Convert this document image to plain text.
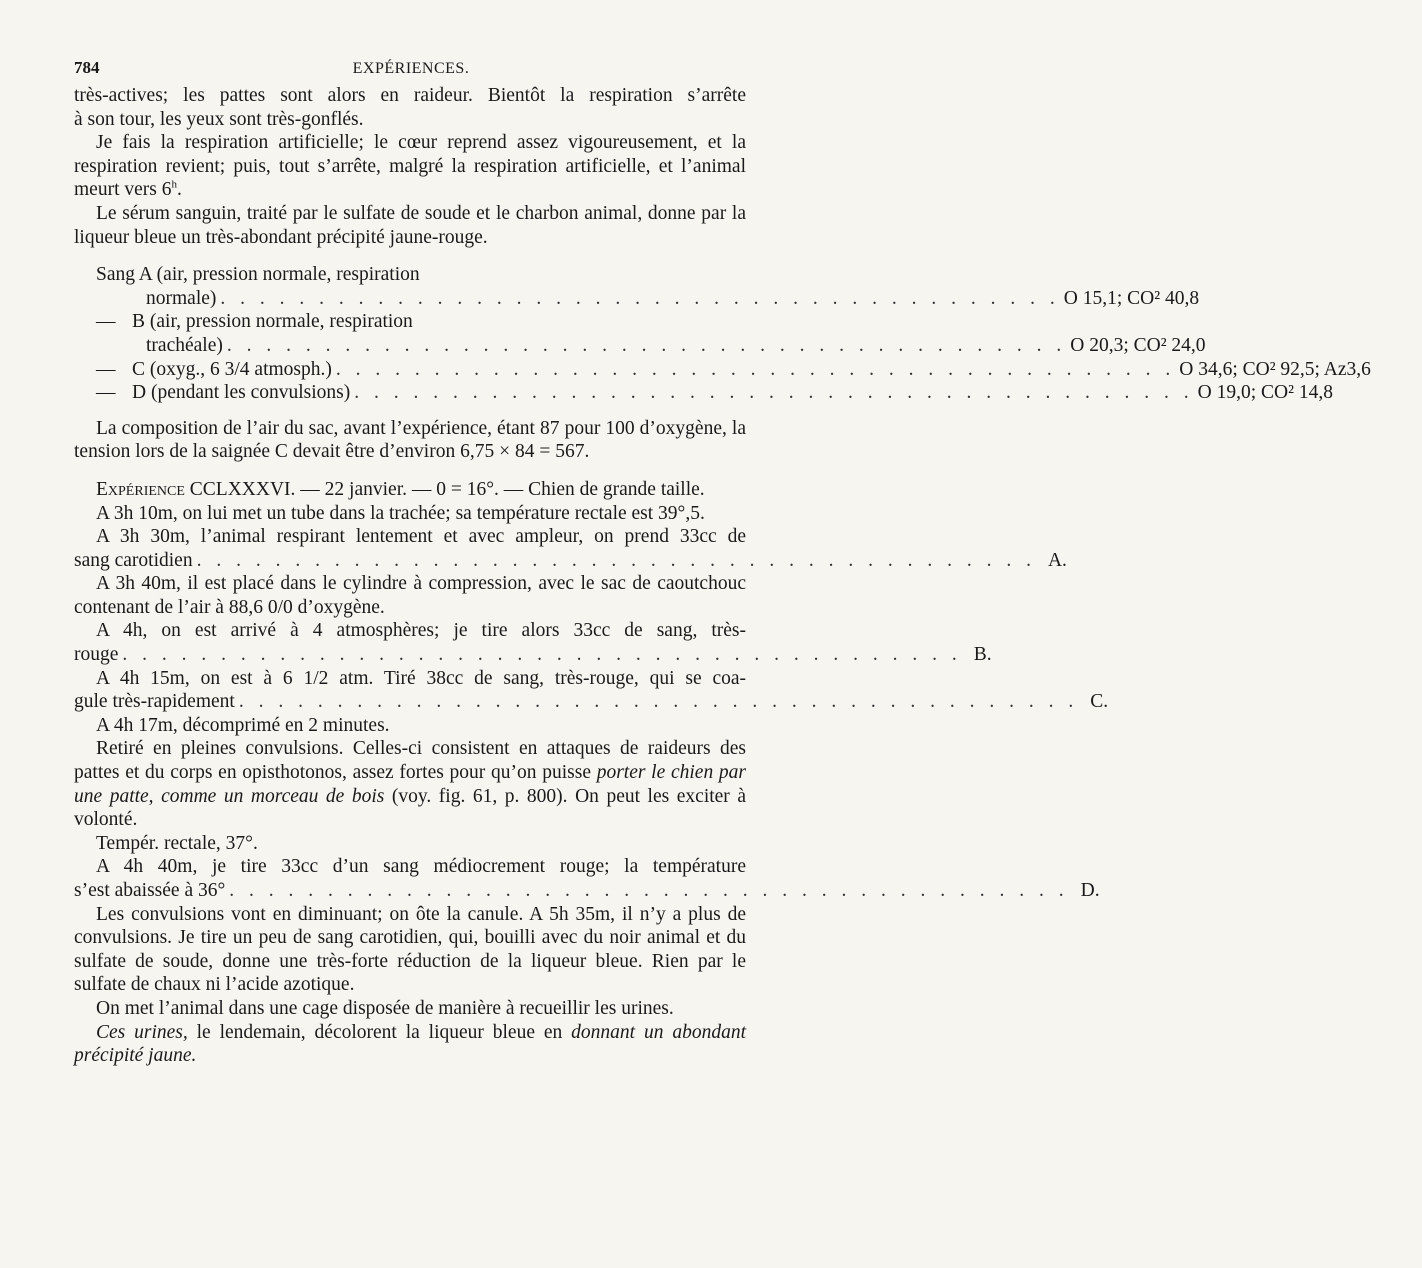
784	EXPÉRIENCES.

très-actives; les pattes sont alors en raideur. Bientôt la respiration s’arrête

à son tour, les yeux sont très-gonflés.

Je fais la respiration artificielle; le cœur reprend assez vigoureusement, et la respiration revient; puis, tout s’arrête, malgré la respiration artificielle, et l’animal meurt vers 6$^h$.

Le sérum sanguin, traité par le sulfate de soude et le charbon animal, donne par la liqueur bleue un très-abondant précipité jaune-rouge.

Sang A (air, pression normale, respiration
normale) . . . . . . . . . . . . . . . . . . . . . . . . . . . . . . . . . . . . . . . . . . . O 15,1; CO² 40,8
— B (air, pression normale, respiration
trachéale) . . . . . . . . . . . . . . . . . . . . . . . . . . . . . . . . . . . . . . . . . . . O 20,3; CO² 24,0
— C (oxyg., 6 3/4 atmosph.) . . . . . . . . . . . . . . . . . . . . . . . . . . . . . . . . . . . . . . . . . . . O 34,6; CO² 92,5; Az3,6
— D (pendant les convulsions) . . . . . . . . . . . . . . . . . . . . . . . . . . . . . . . . . . . . . . . . . . . O 19,0; CO² 14,8

La composition de l’air du sac, avant l’expérience, étant 87 pour 100 d’oxygène, la tension lors de la saignée C devait être d’environ 6,75 × 84 = 567.

Expérience CCLXXXVI. — 22 janvier. — 0 = 16°. — Chien de grande taille.

A 3h 10m, on lui met un tube dans la trachée; sa température rectale est 39°,5.

A 3h 30m, l’animal respirant lentement et avec ampleur, on prend 33cc de

sang carotidien . . . . . . . . . . . . . . . . . . . . . . . . . . . . . . . . . . . . . . . . . . . A.

A 3h 40m, il est placé dans le cylindre à compression, avec le sac de caoutchouc contenant de l’air à 88,6 0/0 d’oxygène.

A 4h, on est arrivé à 4 atmosphères; je tire alors 33cc de sang, très-

rouge . . . . . . . . . . . . . . . . . . . . . . . . . . . . . . . . . . . . . . . . . . . B.

A 4h 15m, on est à 6 1/2 atm. Tiré 38cc de sang, très-rouge, qui se coa-

gule très-rapidement . . . . . . . . . . . . . . . . . . . . . . . . . . . . . . . . . . . . . . . . . . . C.

A 4h 17m, décomprimé en 2 minutes.

Retiré en pleines convulsions. Celles-ci consistent en attaques de raideurs des pattes et du corps en opisthotonos, assez fortes pour qu’on puisse porter le chien par une patte, comme un morceau de bois (voy. fig. 61, p. 800). On peut les exciter à volonté.

Tempér. rectale, 37°.

A 4h 40m, je tire 33cc d’un sang médiocrement rouge; la température

s’est abaissée à 36° . . . . . . . . . . . . . . . . . . . . . . . . . . . . . . . . . . . . . . . . . . . D.

Les convulsions vont en diminuant; on ôte la canule. A 5h 35m, il n’y a plus de convulsions. Je tire un peu de sang carotidien, qui, bouilli avec du noir animal et du sulfate de soude, donne une très-forte réduction de la liqueur bleue. Rien par le sulfate de chaux ni l’acide azotique.

On met l’animal dans une cage disposée de manière à recueillir les urines.

Ces urines, le lendemain, décolorent la liqueur bleue en donnant un abondant précipité jaune.
